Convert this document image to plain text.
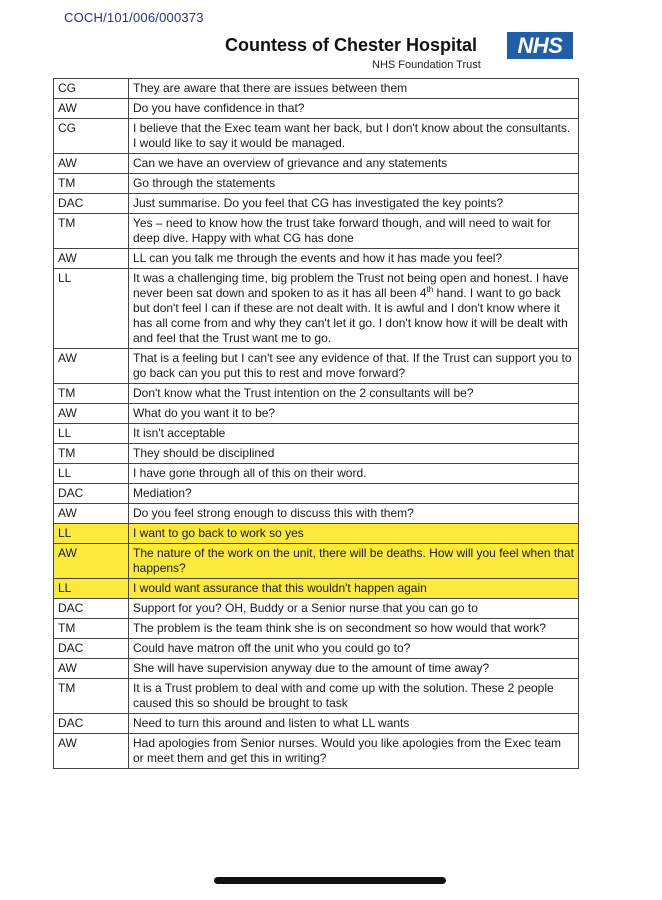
COCH/101/006/000373
Countess of Chester Hospital	NHS
NHS Foundation Trust
CG	They are aware that there are issues between them
AW	Do you have confidence in that?
CG	I believe that the Exec team want her back, but I don't know about the consultants. I would like to say it would be managed.
AW	Can we have an overview of grievance and any statements
TM	Go through the statements
DAC	Just summarise. Do you feel that CG has investigated the key points?
TM	Yes – need to know how the trust take forward though, and will need to wait for deep dive. Happy with what CG has done
AW	LL can you talk me through the events and how it has made you feel?
LL	It was a challenging time, big problem the Trust not being open and honest. I have never been sat down and spoken to as it has all been 4th hand. I want to go back but don't feel I can if these are not dealt with. It is awful and I don't know where it has all come from and why they can't let it go. I don't know how it will be dealt with and feel that the Trust want me to go.
AW	That is a feeling but I can't see any evidence of that. If the Trust can support you to go back can you put this to rest and move forward?
TM	Don't know what the Trust intention on the 2 consultants will be?
AW	What do you want it to be?
LL	It isn't acceptable
TM	They should be disciplined
LL	I have gone through all of this on their word.
DAC	Mediation?
AW	Do you feel strong enough to discuss this with them?
LL	I want to go back to work so yes
AW	The nature of the work on the unit, there will be deaths. How will you feel when that happens?
LL	I would want assurance that this wouldn't happen again
DAC	Support for you? OH, Buddy or a Senior nurse that you can go to
TM	The problem is the team think she is on secondment so how would that work?
DAC	Could have matron off the unit who you could go to?
AW	She will have supervision anyway due to the amount of time away?
TM	It is a Trust problem to deal with and come up with the solution. These 2 people caused this so should be brought to task
DAC	Need to turn this around and listen to what LL wants
AW	Had apologies from Senior nurses. Would you like apologies from the Exec team or meet them and get this in writing?
